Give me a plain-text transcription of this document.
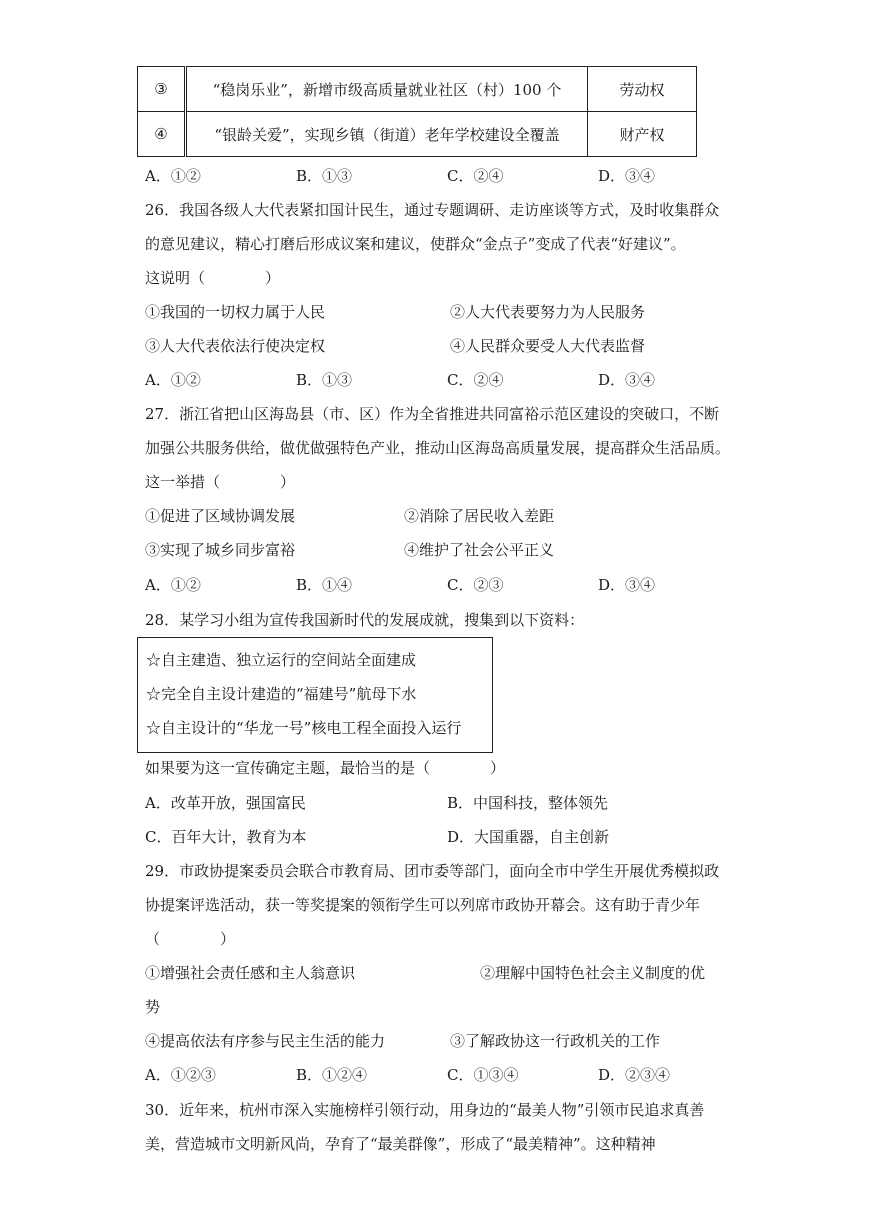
③	“稳岗乐业”，新增市级高质量就业社区（村）100 个	劳动权
④	“银龄关爱”，实现乡镇（街道）老年学校建设全覆盖	财产权
A．①②	B．①③	C．②④	D．③④
26．我国各级人大代表紧扣国计民生，通过专题调研、走访座谈等方式，及时收集群众
的意见建议，精心打磨后形成议案和建议，使群众“金点子”变成了代表“好建议”。
这说明（　　　　）
①我国的一切权力属于人民	②人大代表要努力为人民服务
③人大代表依法行使决定权	④人民群众要受人大代表监督
A．①②	B．①③	C．②④	D．③④
27．浙江省把山区海岛县（市、区）作为全省推进共同富裕示范区建设的突破口，不断
加强公共服务供给，做优做强特色产业，推动山区海岛高质量发展，提高群众生活品质。
这一举措（　　　　）
①促进了区域协调发展	②消除了居民收入差距
③实现了城乡同步富裕	④维护了社会公平正义
A．①②	B．①④	C．②③	D．③④
28．某学习小组为宣传我国新时代的发展成就，搜集到以下资料：
☆自主建造、独立运行的空间站全面建成
☆完全自主设计建造的“福建号”航母下水
☆自主设计的“华龙一号”核电工程全面投入运行
如果要为这一宣传确定主题，最恰当的是（　　　　）
A．改革开放，强国富民	B．中国科技，整体领先
C．百年大计，教育为本	D．大国重器，自主创新
29．市政协提案委员会联合市教育局、团市委等部门，面向全市中学生开展优秀模拟政
协提案评选活动，获一等奖提案的领衔学生可以列席市政协开幕会。这有助于青少年
（　　　　）
①增强社会责任感和主人翁意识	②理解中国特色社会主义制度的优
势
④提高依法有序参与民主生活的能力	③了解政协这一行政机关的工作
A．①②③	B．①②④	C．①③④	D．②③④
30．近年来，杭州市深入实施榜样引领行动，用身边的“最美人物”引领市民追求真善
美，营造城市文明新风尚，孕育了“最美群像”，形成了“最美精神”。这种精神
